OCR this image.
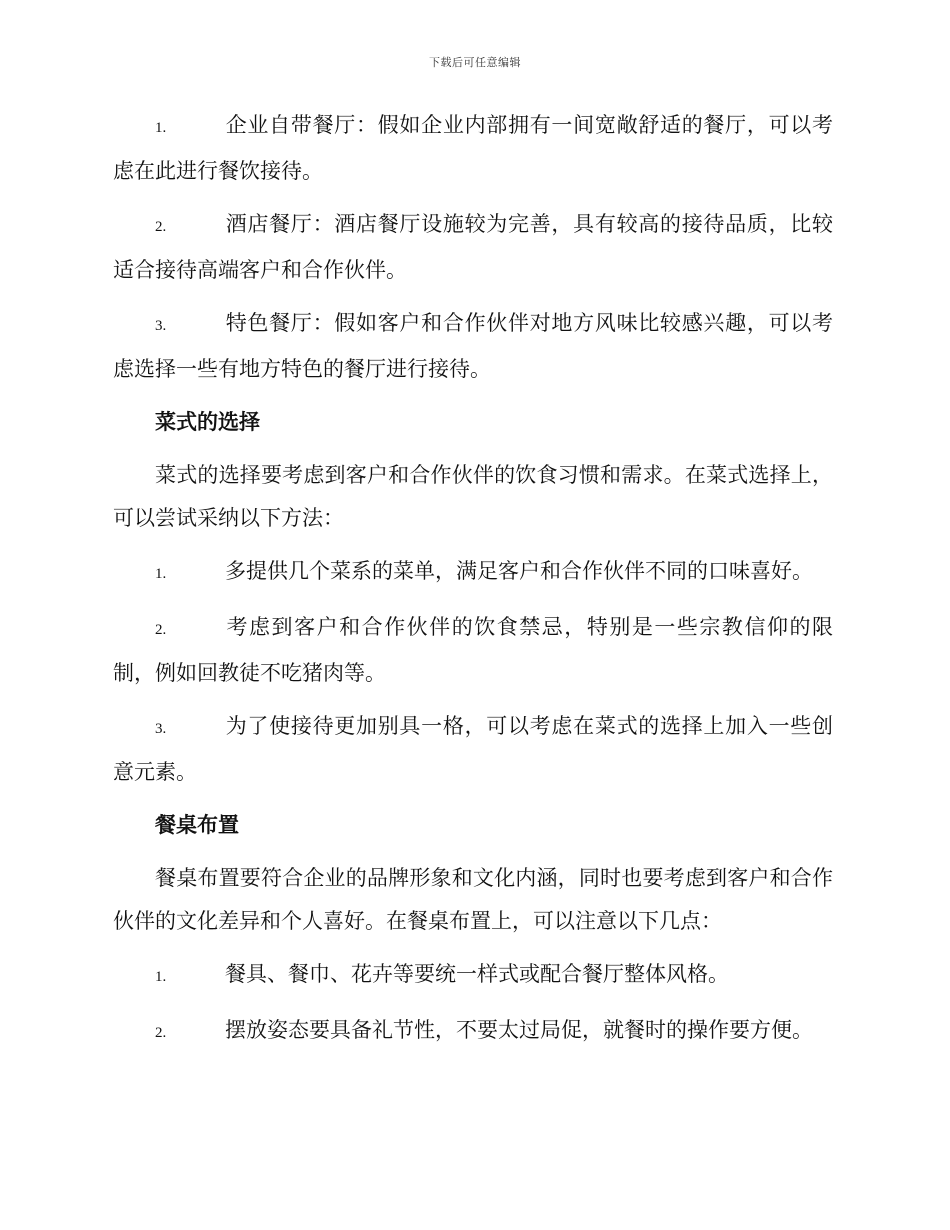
下载后可任意编辑
1.	企业自带餐厅：假如企业内部拥有一间宽敞舒适的餐厅，可以考虑在此进行餐饮接待。
2.	酒店餐厅：酒店餐厅设施较为完善，具有较高的接待品质，比较适合接待高端客户和合作伙伴。
3.	特色餐厅：假如客户和合作伙伴对地方风味比较感兴趣，可以考虑选择一些有地方特色的餐厅进行接待。
菜式的选择
菜式的选择要考虑到客户和合作伙伴的饮食习惯和需求。在菜式选择上，可以尝试采纳以下方法：
1.	多提供几个菜系的菜单，满足客户和合作伙伴不同的口味喜好。
2.	考虑到客户和合作伙伴的饮食禁忌，特别是一些宗教信仰的限制，例如回教徒不吃猪肉等。
3.	为了使接待更加别具一格，可以考虑在菜式的选择上加入一些创意元素。
餐桌布置
餐桌布置要符合企业的品牌形象和文化内涵，同时也要考虑到客户和合作伙伴的文化差异和个人喜好。在餐桌布置上，可以注意以下几点：
1.	餐具、餐巾、花卉等要统一样式或配合餐厅整体风格。
2.	摆放姿态要具备礼节性，不要太过局促，就餐时的操作要方便。
